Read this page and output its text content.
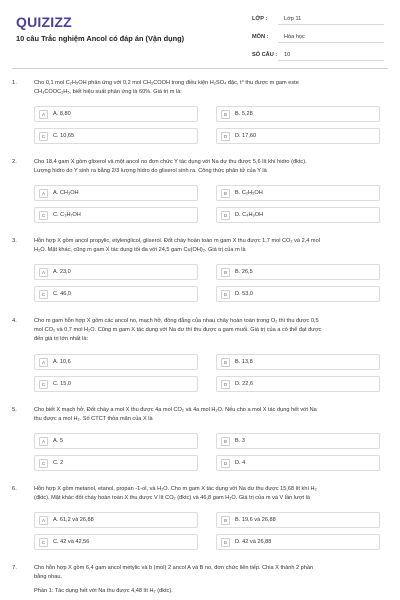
QUIZIZZ
10 câu Trắc nghiệm Ancol có đáp án (Vận dụng)
LỚP :	Lớp 11
MÔN :	Hóa học
SỐ CÂU :	10
1.	Cho 0,1 mol C₂H₅OH phản ứng với 0,2 mol CH₃COOH trong điều kiện H₂SO₄ đặc, t° thu được m gam este
CH₃COOC₂H₅, biết hiệu suất phản ứng là 60%. Giá trị m là:
A	A. 8,80	B	B. 5,28
C	C. 10,65	D	D. 17,60
2.	Cho 18,4 gam X gồm glixerol và một ancol no đơn chức Y tác dụng với Na dư thu được 5,6 lít khí hidro (đktc).
Lượng hidro do Y sinh ra bằng 2/3 lượng hidro do glixerol sinh ra. Công thức phân tử của Y là
A	A. CH₃OH	B	B. C₂H₅OH
C	C. C₃H₇OH	D	D. C₄H₉OH
3.	Hỗn hợp X gồm ancol propylic, etylenglicol, glixerol. Đốt cháy hoàn toàn m gam X thu được 1,7 mol CO₂ và 2,4 mol
H₂O. Mặt khác, cũng m gam X tác dụng tối đa với 24,5 gam Cu(OH)₂. Giá trị của m là
A	A. 23,0	B	B. 26,5
C	C. 46,0	D	D. 53,0
4.	Cho m gam hỗn hợp X gồm các ancol no, mạch hở, đồng đẳng của nhau cháy hoàn toàn trong O₂ thì thu được 0,5
mol CO₂ và 0,7 mol H₂O. Cũng m gam X tác dụng với Na dư thì thu được a gam muối. Giá trị của a có thể đạt được
đến giá trị lớn nhất là:
A	A. 10,6	B	B. 13,8
C	C. 15,0	D	D. 22,6
5.	Cho biết X mạch hở. Đốt cháy a mol X thu được 4a mol CO₂ và 4a mol H₂O. Nếu cho a mol X tác dụng hết với Na
thu được a mol H₂. Số CTCT thỏa mãn của X là
A	A. 5	B	B. 3
C	C. 2	D	D. 4
6.	Hỗn hợp X gồm metanol, etanol, propan -1-ol, và H₂O. Cho m gam X tác dụng với Na dư thu được 15,68 lít khí H₂
(đktc). Mặt khác đốt cháy hoàn toàn X thu được V lít CO₂ (đktc) và 46,8 gam H₂O. Giá trị của m và V lần lượt là
A	A. 61,2 và 26,88	B	B. 19,6 và 26,88
C	C. 42 và 42,56	D	D. 42 và 26,88
7.	Cho hỗn hợp X gồm 6,4 gam ancol metylic và b (mol) 2 ancol A và B no, đơn chức liên tiếp. Chia X thành 2 phần
bằng nhau.
Phần 1: Tác dụng hết với Na thu được 4,48 lít H₂ (đktc).
